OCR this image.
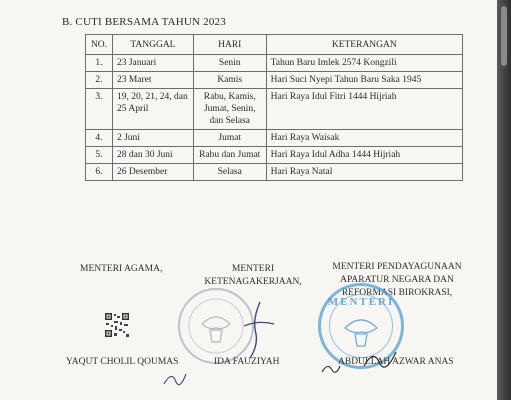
B. CUTI BERSAMA TAHUN 2023
NO.	TANGGAL	HARI	KETERANGAN
1.	23 Januari	Senin	Tahun Baru Imlek 2574 Kongzili
2.	23 Maret	Kamis	Hari Suci Nyepi Tahun Baru Saka 1945
3.	19, 20, 21, 24, dan 25 April	Rabu, Kamis, Jumat, Senin, dan Selasa	Hari Raya Idul Fitri 1444 Hijriah
4.	2 Juni	Jumat	Hari Raya Waisak
5.	28 dan 30 Juni	Rabu dan Jumat	Hari Raya Idul Adha 1444 Hijriah
6.	26 Desember	Selasa	Hari Raya Natal
MENTERI AGAMA,	MENTERI
KETENAGAKERJAAN,
MENTERI PENDAYAGUNAAN
APARATUR NEGARA DAN
REFORMASI BIROKRASI,
MENTERI
YAQUT CHOLIL QOUMAS	IDA FAUZIYAH	ABDULLAH AZWAR ANAS
